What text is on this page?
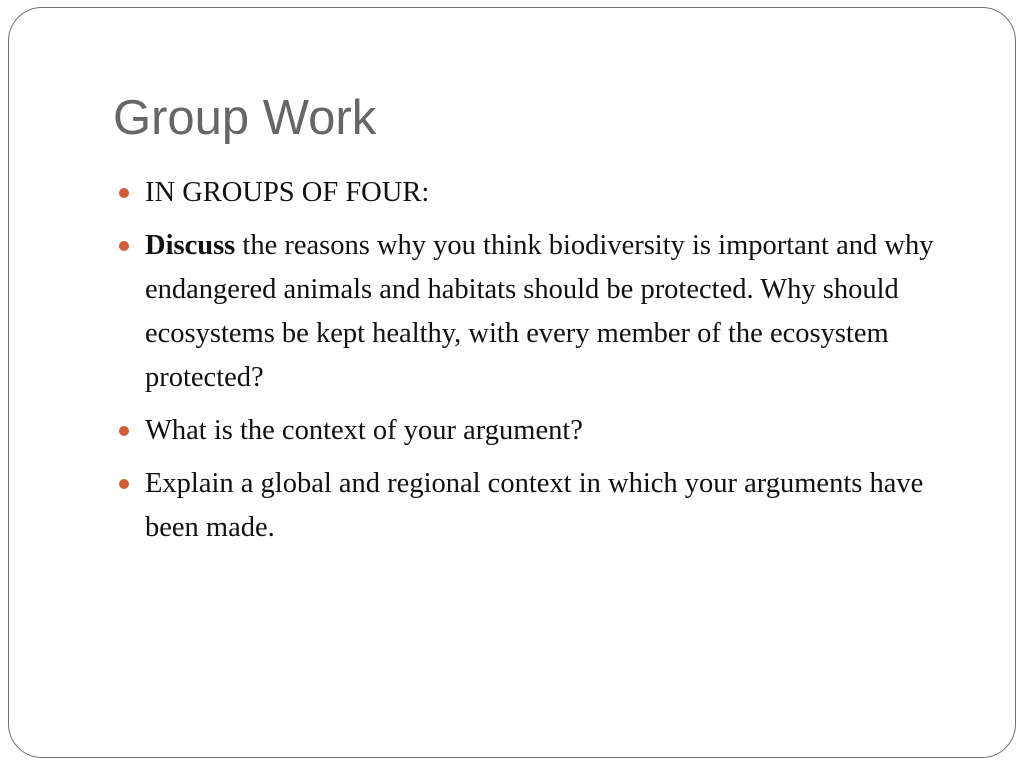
Group Work
IN GROUPS OF FOUR:
Discuss the reasons why you think biodiversity is important and why endangered animals and habitats should be protected. Why should ecosystems be kept healthy, with every member of the ecosystem protected?
What is the context of your argument?
Explain a global and regional context in which your arguments have been made.
